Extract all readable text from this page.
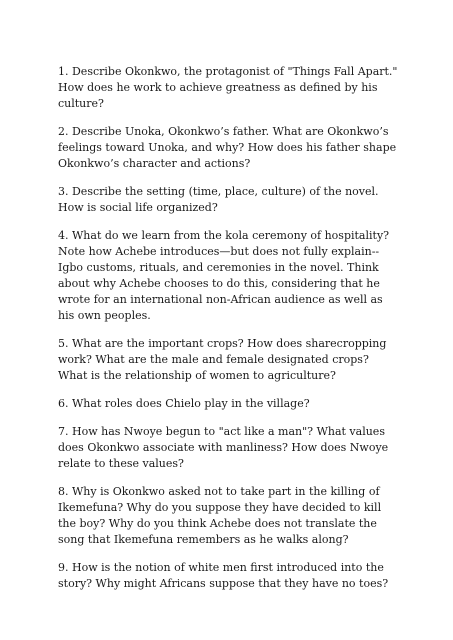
1. Describe Okonkwo, the protagonist of "Things Fall Apart." How does he work to achieve greatness as defined by his culture?

2. Describe Unoka, Okonkwo’s father. What are Okonkwo’s feelings toward Unoka, and why? How does his father shape Okonkwo’s character and actions?

3. Describe the setting (time, place, culture) of the novel. How is social life organized?

4. What do we learn from the kola ceremony of hospitality? Note how Achebe introduces—but does not fully explain--Igbo customs, rituals, and ceremonies in the novel. Think about why Achebe chooses to do this, considering that he wrote for an international non-African audience as well as his own peoples.

5. What are the important crops? How does sharecropping work? What are the male and female designated crops? What is the relationship of women to agriculture?

6. What roles does Chielo play in the village?

7. How has Nwoye begun to "act like a man"? What values does Okonkwo associate with manliness? How does Nwoye relate to these values?

8. Why is Okonkwo asked not to take part in the killing of Ikemefuna? Why do you suppose they have decided to kill the boy? Why do you think Achebe does not translate the song that Ikemefuna remembers as he walks along?

9. How is the notion of white men first introduced into the story? Why might Africans suppose that they have no toes?
